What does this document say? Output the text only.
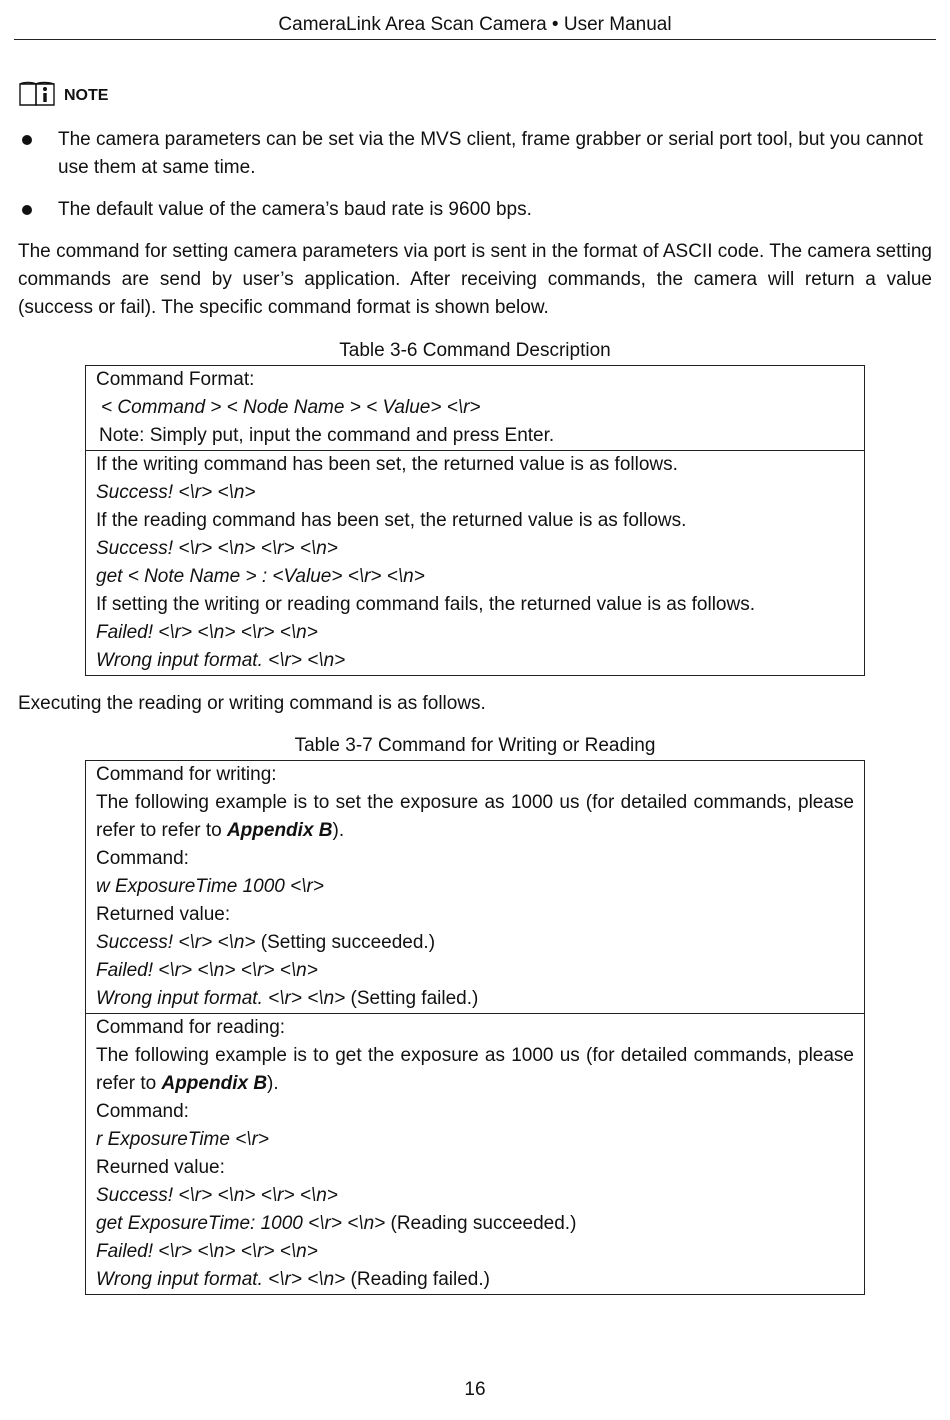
CameraLink Area Scan Camera • User Manual
NOTE
The camera parameters can be set via the MVS client, frame grabber or serial port tool, but you cannot use them at same time.
The default value of the camera’s baud rate is 9600 bps.

The command for setting camera parameters via port is sent in the format of ASCII code. The camera setting commands are send by user’s application. After receiving commands, the camera will return a value (success or fail). The specific command format is shown below.

Table 3-6 Command Description
Command Format:
< Command > < Node Name > < Value> <\r>
Note: Simply put, input the command and press Enter.
If the writing command has been set, the returned value is as follows.
Success! <\r> <\n>
If the reading command has been set, the returned value is as follows.
Success! <\r> <\n> <\r> <\n>
get < Note Name > : <Value> <\r> <\n>
If setting the writing or reading command fails, the returned value is as follows.
Failed! <\r> <\n> <\r> <\n>
Wrong input format. <\r> <\n>

Executing the reading or writing command is as follows.

Table 3-7 Command for Writing or Reading
Command for writing:
The following example is to set the exposure as 1000 us (for detailed commands, please refer to refer to Appendix B).
Command:
w ExposureTime 1000 <\r>
Returned value:
Success! <\r> <\n> (Setting succeeded.)
Failed! <\r> <\n> <\r> <\n>
Wrong input format. <\r> <\n> (Setting failed.)
Command for reading:
The following example is to get the exposure as 1000 us (for detailed commands, please refer to Appendix B).
Command:
r ExposureTime <\r>
Reurned value:
Success! <\r> <\n> <\r> <\n>
get ExposureTime: 1000 <\r> <\n> (Reading succeeded.)
Failed! <\r> <\n> <\r> <\n>
Wrong input format. <\r> <\n> (Reading failed.)
16
